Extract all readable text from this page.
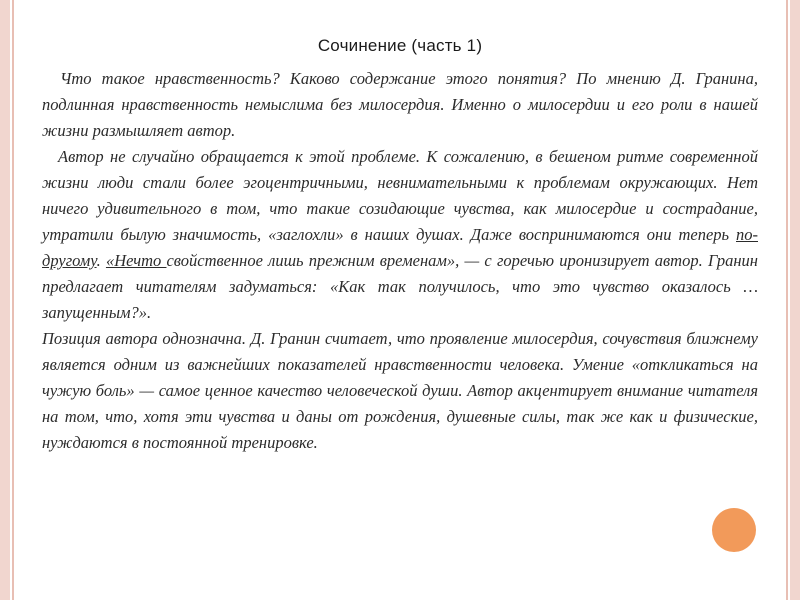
Сочинение (часть 1)

Что такое нравственность? Каково содержание этого понятия? По мнению Д. Гранина, подлинная нравственность немыслима без милосердия. Именно о милосердии и его роли в нашей жизни размышляет автор.

Автор не случайно обращается к этой проблеме. К сожалению, в бешеном ритме современной жизни люди стали более эгоцентричными, невнимательными к проблемам окружающих. Нет ничего удивительного в том, что такие созидающие чувства, как милосердие и сострадание, утратили былую значимость, «заглохли» в наших душах. Даже воспринимаются они теперь по-другому. «Нечто свойственное лишь прежним временам», — с горечью иронизирует автор. Гранин предлагает читателям задуматься: «Как так получилось, что это чувство оказалось … запущенным?».

Позиция автора однозначна. Д. Гранин считает, что проявление милосердия, сочувствия ближнему является одним из важнейших показателей нравственности человека. Умение «откликаться на чужую боль» — самое ценное качество человеческой души. Автор акцентирует внимание читателя на том, что, хотя эти чувства и даны от рождения, душевные силы, так же как и физические, нуждаются в постоянной тренировке.
